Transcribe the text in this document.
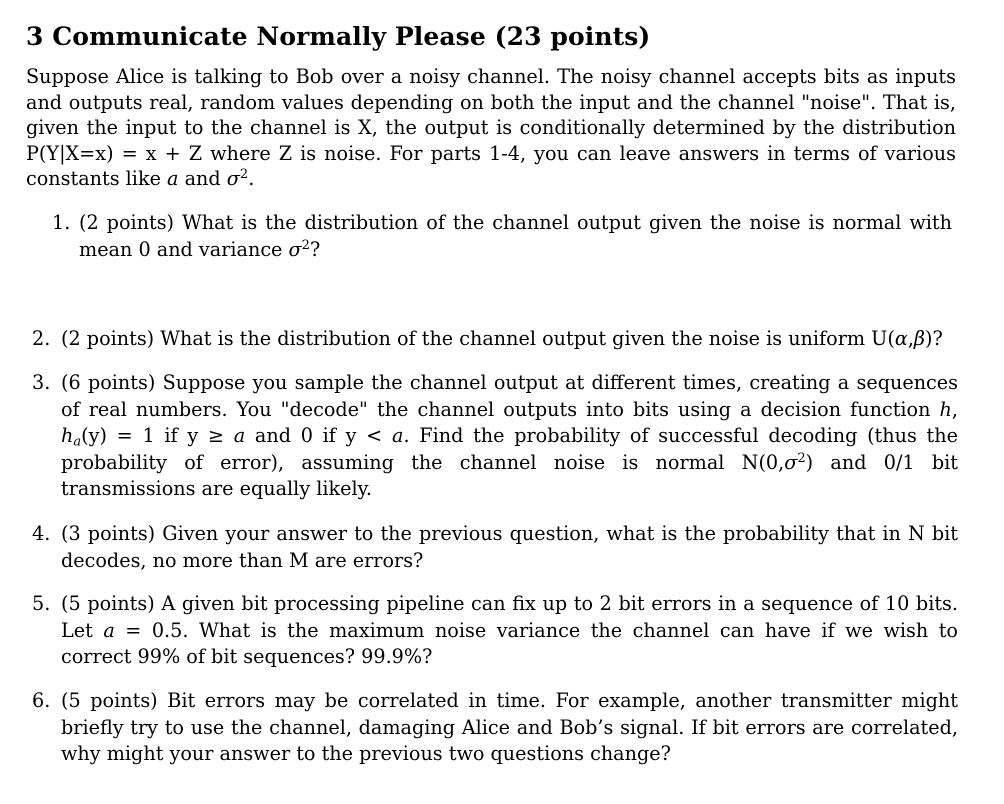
3 Communicate Normally Please (23 points)
Suppose Alice is talking to Bob over a noisy channel. The noisy channel accepts bits as inputs and outputs real, random values depending on both the input and the channel "noise". That is, given the input to the channel is X, the output is conditionally determined by the distribution P(Y|X=x) = x + Z where Z is noise. For parts 1-4, you can leave answers in terms of various constants like a and $\sigma^2$.
1. (2 points) What is the distribution of the channel output given the noise is normal with mean 0 and variance $\sigma^2$?
2. (2 points) What is the distribution of the channel output given the noise is uniform U(α,β)?
3. (6 points) Suppose you sample the channel output at different times, creating a sequences of real numbers. You "decode" the channel outputs into bits using a decision function h, $h_a(y) = 1$ if y ≥ a and 0 if y < a. Find the probability of successful decoding (thus the probability of error), assuming the channel noise is normal $N(0,\sigma^2)$ and 0/1 bit transmissions are equally likely.
4. (3 points) Given your answer to the previous question, what is the probability that in N bit decodes, no more than M are errors?
5. (5 points) A given bit processing pipeline can fix up to 2 bit errors in a sequence of 10 bits. Let a = 0.5. What is the maximum noise variance the channel can have if we wish to correct 99% of bit sequences? 99.9%?
6. (5 points) Bit errors may be correlated in time. For example, another transmitter might briefly try to use the channel, damaging Alice and Bob’s signal. If bit errors are correlated, why might your answer to the previous two questions change?
